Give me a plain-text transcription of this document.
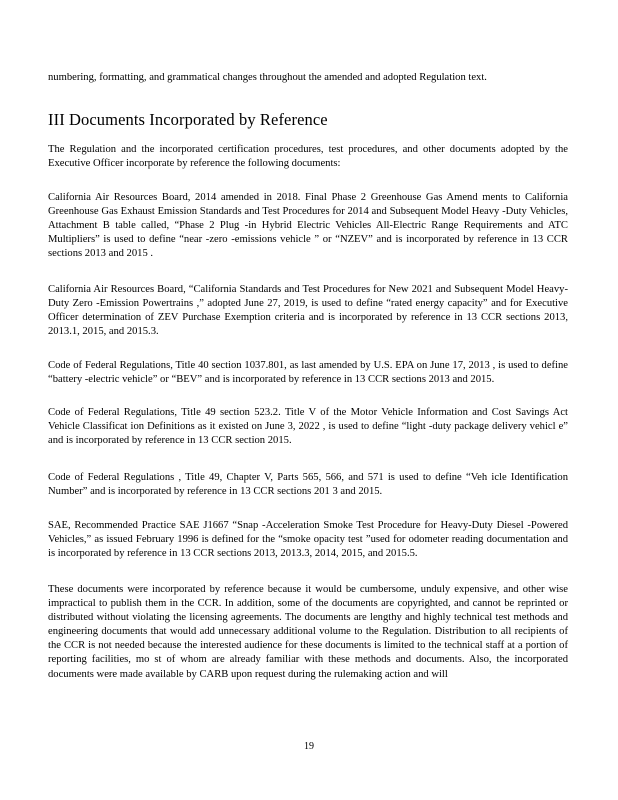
numbering, formatting, and grammatical changes throughout the amended and adopted Regulation text.

III Documents Incorporated by Reference

The Regulation and the incorporated certification procedures, test procedures, and other documents adopted by the Executive Officer incorporate by reference the following documents:

California Air Resources Board, 2014 amended in 2018. Final Phase 2 Greenhouse Gas Amend ments to California Greenhouse Gas Exhaust Emission Standards and Test Procedures for 2014 and Subsequent Model Heavy -Duty Vehicles, Attachment B table called, “Phase 2 Plug -in Hybrid Electric Vehicles All-Electric Range Requirements and ATC Multipliers” is used to define “near -zero -emissions vehicle ” or “NZEV” and is incorporated by reference in 13 CCR sections 2013 and 2015 .

California Air Resources Board, “California Standards and Test Procedures for New 2021 and Subsequent Model Heavy-Duty Zero -Emission Powertrains ,” adopted June 27, 2019, is used to define “rated energy capacity” and for Executive Officer determination of ZEV Purchase Exemption criteria and is incorporated by reference in 13 CCR sections 2013, 2013.1, 2015, and 2015.3.

Code of Federal Regulations, Title 40 section 1037.801, as last amended by U.S. EPA on June 17, 2013 , is used to define “battery -electric vehicle” or “BEV” and is incorporated by reference in 13 CCR sections 2013 and 2015.

Code of Federal Regulations, Title 49 section 523.2. Title V of the Motor Vehicle Information and Cost Savings Act Vehicle Classificat ion Definitions as it existed on June 3, 2022 , is used to define “light -duty package delivery vehicl e” and is incorporated by reference in 13 CCR section 2015.

Code of Federal Regulations , Title 49, Chapter V, Parts 565, 566, and 571 is used to define “Veh icle Identification Number” and is incorporated by reference in 13 CCR sections 201 3 and 2015.

SAE, Recommended Practice SAE J1667 “Snap -Acceleration Smoke Test Procedure for Heavy-Duty Diesel -Powered Vehicles,” as issued February 1996 is defined for the “smoke opacity test ”used for odometer reading documentation and is incorporated by reference in 13 CCR sections 2013, 2013.3, 2014, 2015, and 2015.5.

These documents were incorporated by reference because it would be cumbersome, unduly expensive, and other wise impractical to publish them in the CCR. In addition, some of the documents are copyrighted, and cannot be reprinted or distributed without violating the licensing agreements. The documents are lengthy and highly technical test methods and engineering documents that would add unnecessary additional volume to the Regulation. Distribution to all recipients of the CCR is not needed because the interested audience for these documents is limited to the technical staff at a portion of reporting facilities, mo st of whom are already familiar with these methods and documents. Also, the incorporated documents were made available by CARB upon request during the rulemaking action and will

19
